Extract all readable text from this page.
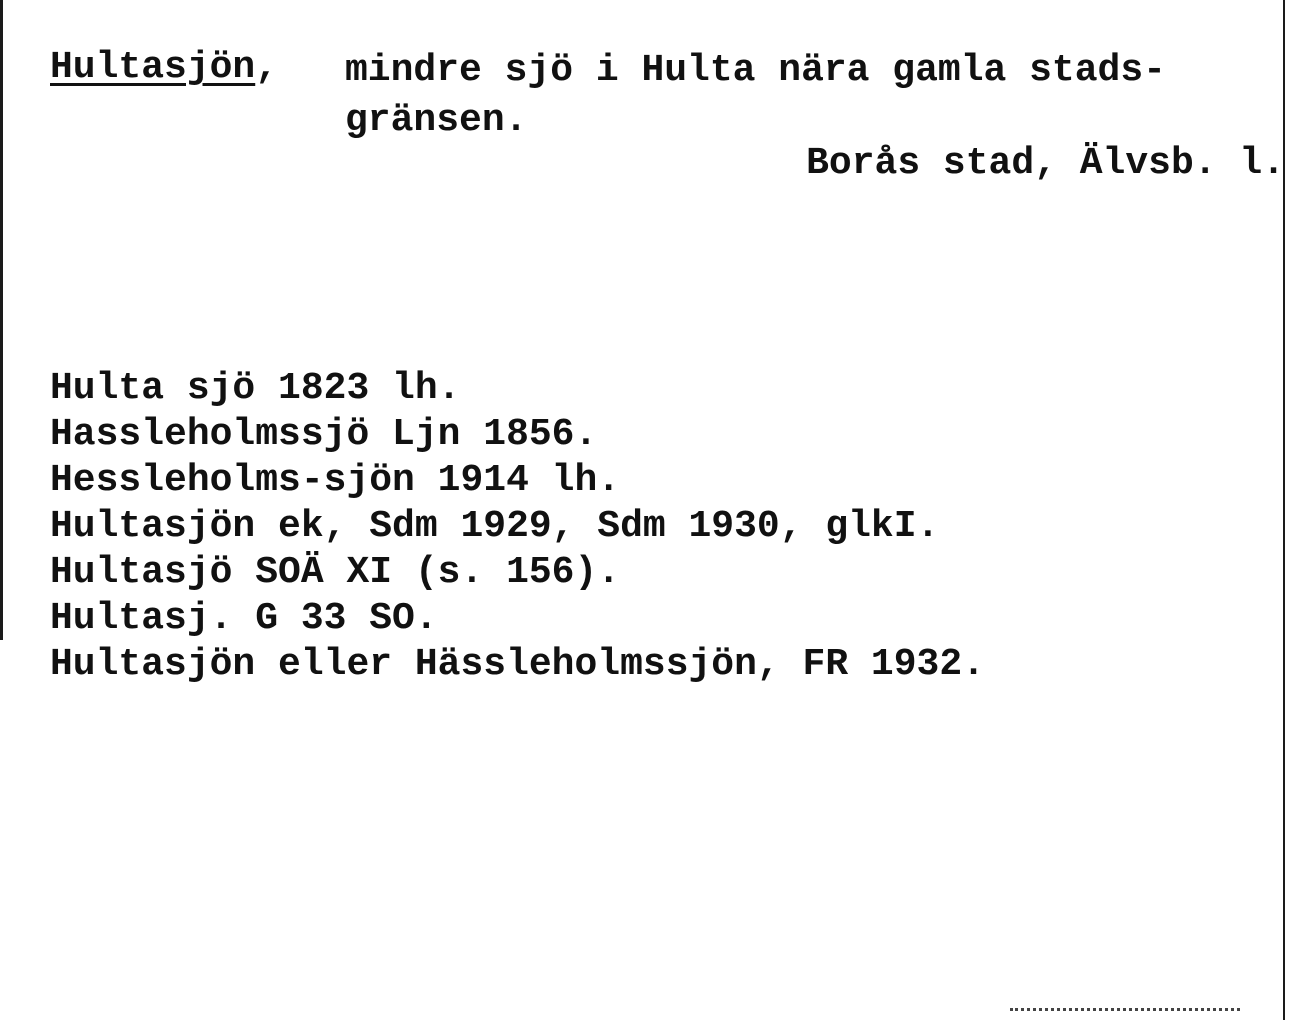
Hultasjön, mindre sjö i Hulta nära gamla stads-
gränsen.
Borås stad, Älvsb. l.
Hulta sjö 1823 lh.
Hassleholmssjö Ljn 1856.
Hessleholms-sjön 1914 lh.
Hultasjön ek, Sdm 1929, Sdm 1930, glkI.
Hultasjö SOÄ XI (s. 156).
Hultasj. G 33 SO.
Hultasjön eller Hässleholmssjön, FR 1932.
